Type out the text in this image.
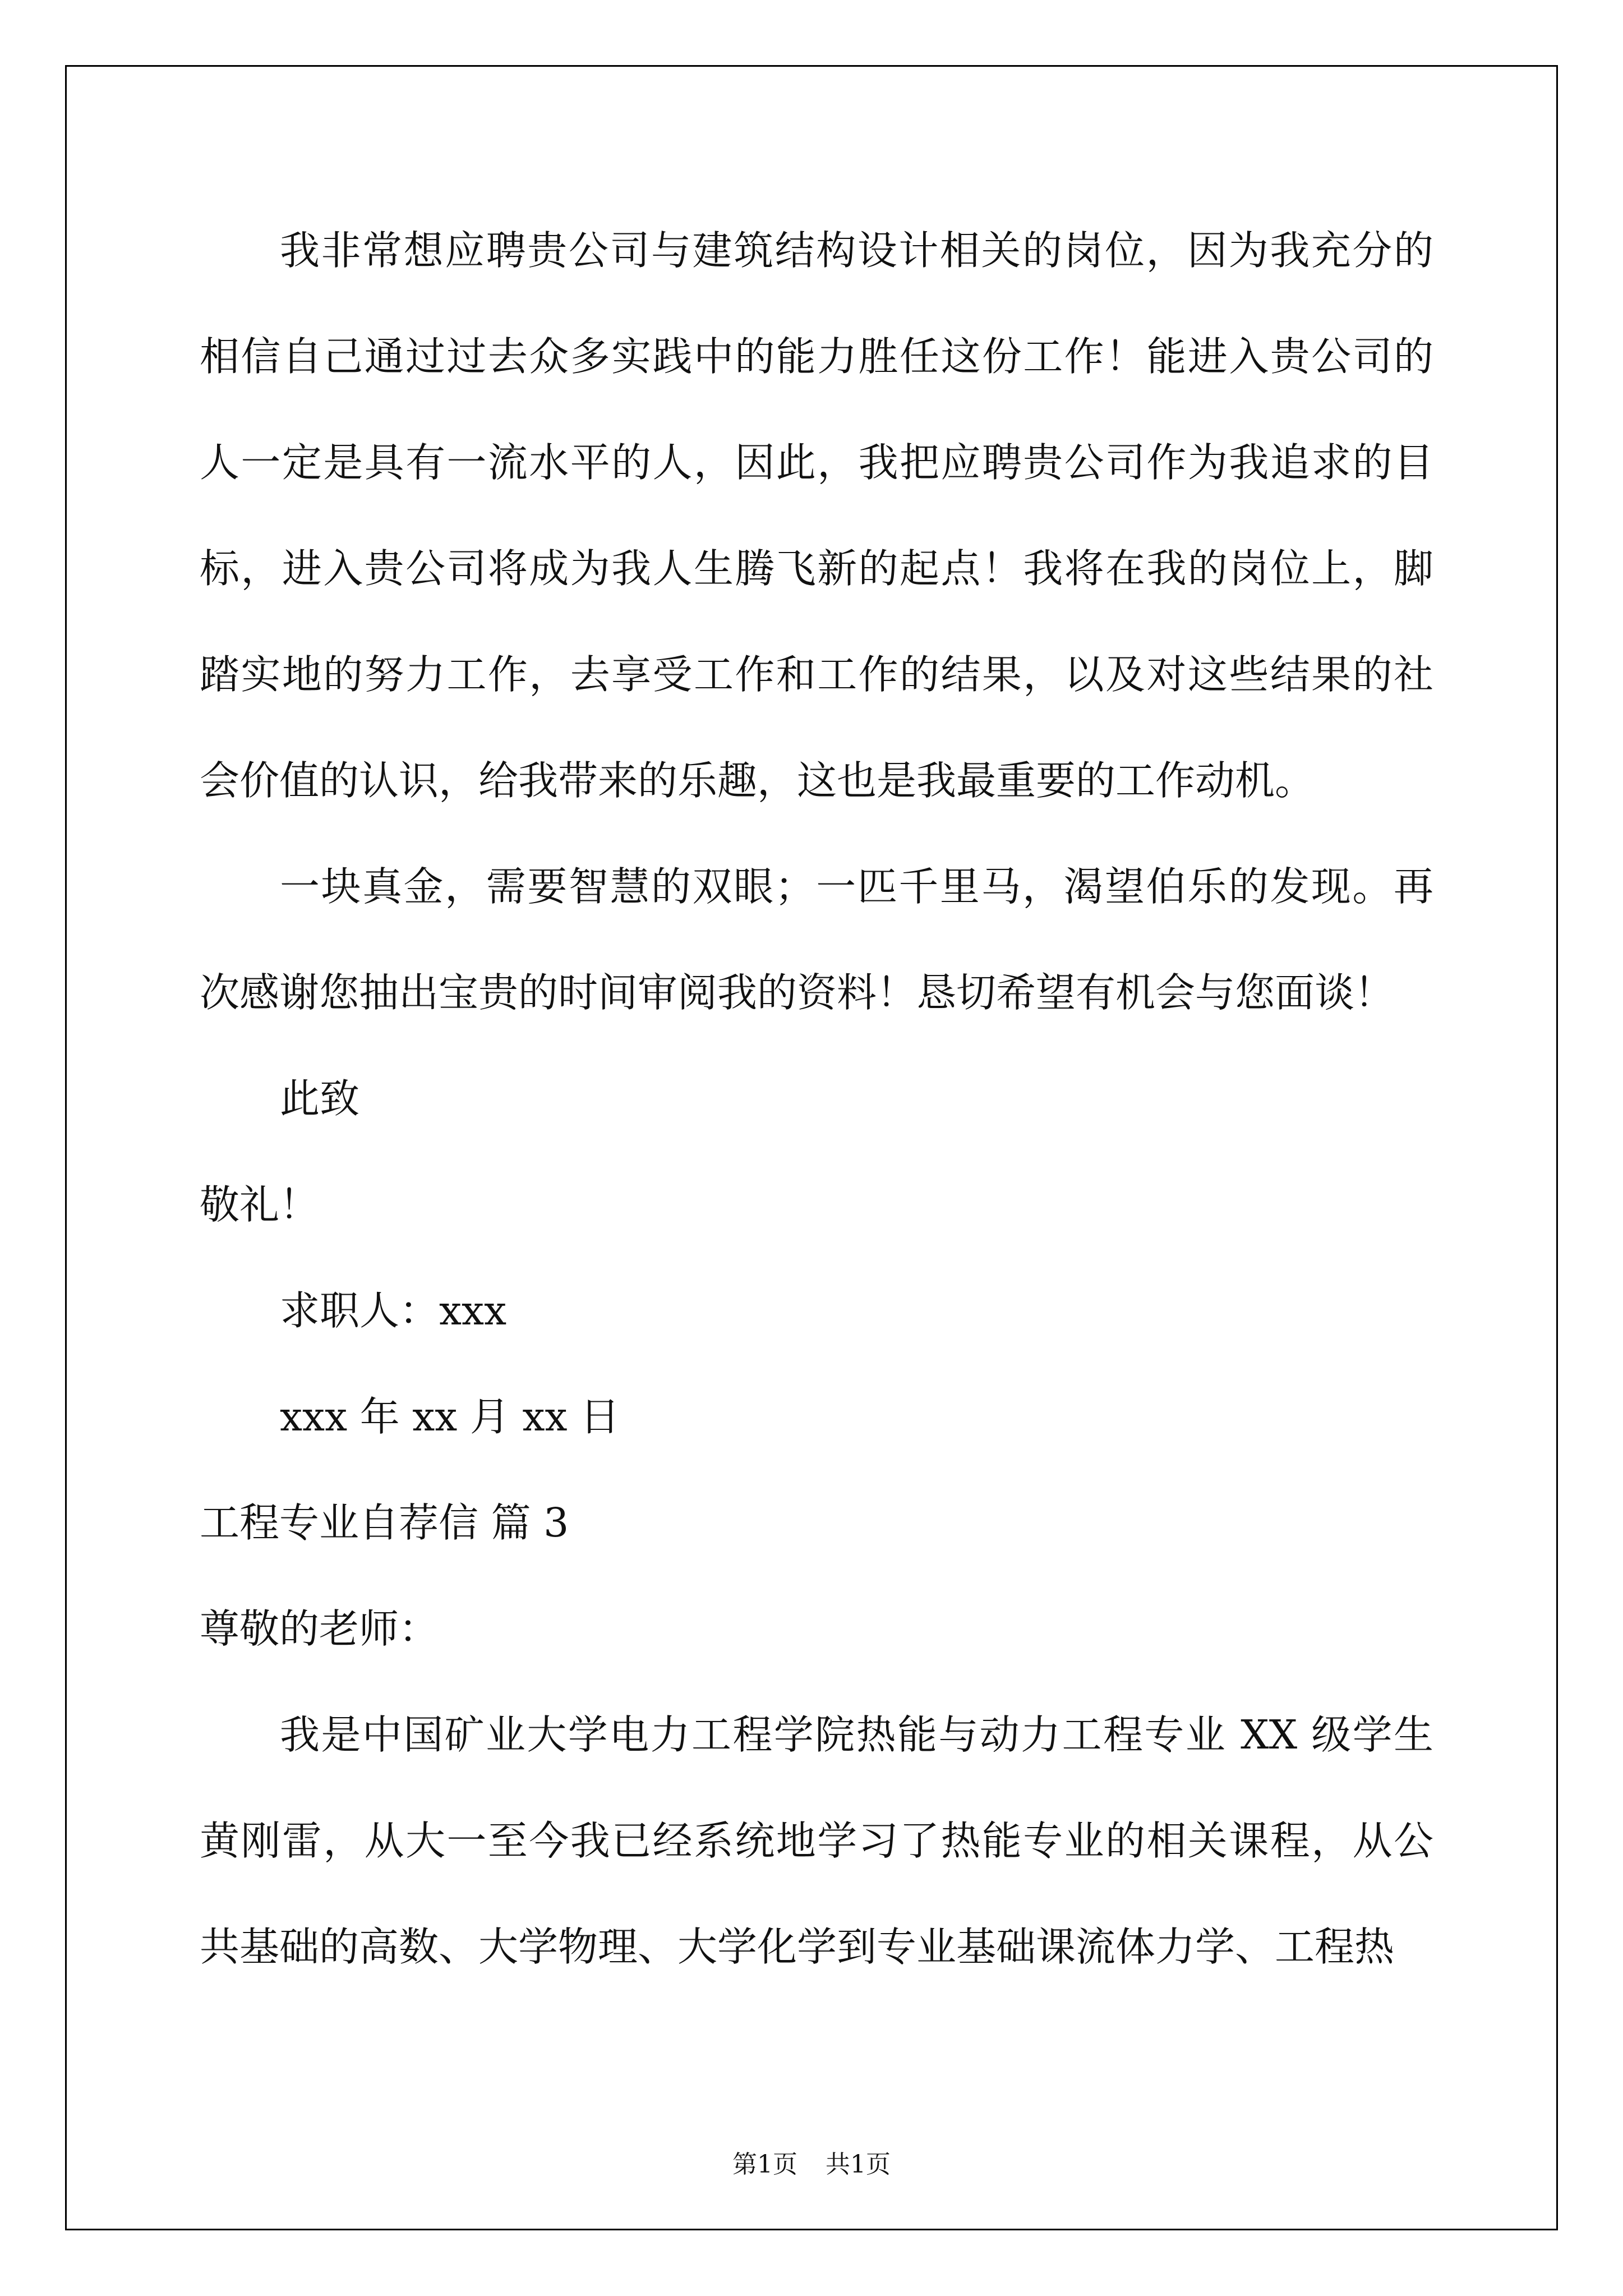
我非常想应聘贵公司与建筑结构设计相关的岗位，因为我充分的相信自己通过过去众多实践中的能力胜任这份工作！能进入贵公司的人一定是具有一流水平的人，因此，我把应聘贵公司作为我追求的目标，进入贵公司将成为我人生腾飞新的起点！我将在我的岗位上，脚踏实地的努力工作，去享受工作和工作的结果，以及对这些结果的社会价值的认识，给我带来的乐趣，这也是我最重要的工作动机。

一块真金，需要智慧的双眼；一匹千里马，渴望伯乐的发现。再次感谢您抽出宝贵的时间审阅我的资料！恳切希望有机会与您面谈！

此致

敬礼！

求职人：xxx

xxx 年 xx 月 xx 日

工程专业自荐信 篇 3

尊敬的老师：

我是中国矿业大学电力工程学院热能与动力工程专业 XX 级学生黄刚雷，从大一至今我已经系统地学习了热能专业的相关课程，从公共基础的高数、大学物理、大学化学到专业基础课流体力学、工程热

第1页 共1页
